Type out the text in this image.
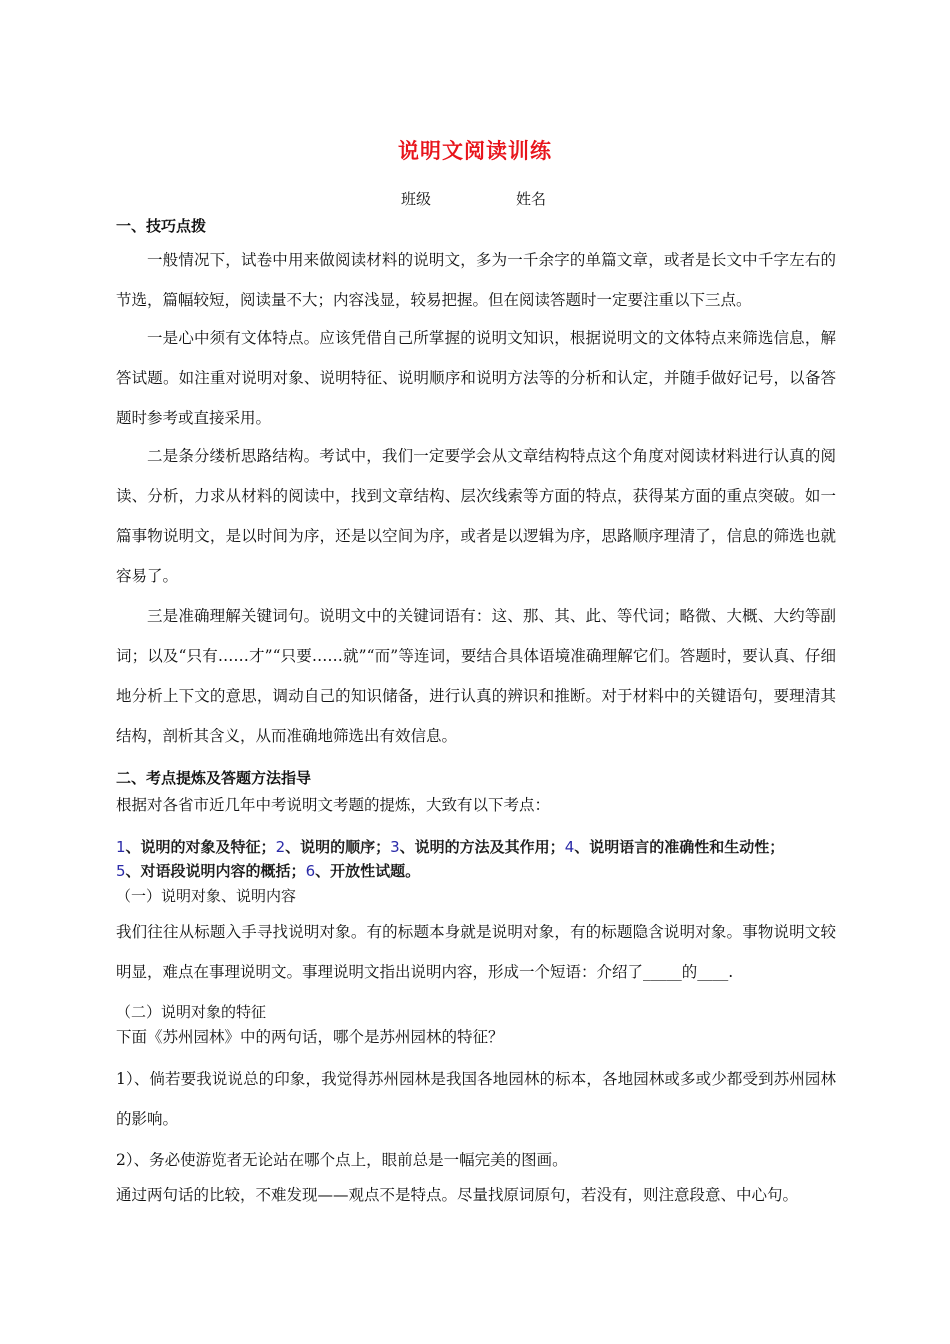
说明文阅读训练
班级	姓名
一、技巧点拨
一般情况下，试卷中用来做阅读材料的说明文，多为一千余字的单篇文章，或者是长文中千字左右的节选，篇幅较短，阅读量不大；内容浅显，较易把握。但在阅读答题时一定要注重以下三点。
一是心中须有文体特点。应该凭借自己所掌握的说明文知识，根据说明文的文体特点来筛选信息，解答试题。如注重对说明对象、说明特征、说明顺序和说明方法等的分析和认定，并随手做好记号，以备答题时参考或直接采用。
二是条分缕析思路结构。考试中，我们一定要学会从文章结构特点这个角度对阅读材料进行认真的阅读、分析，力求从材料的阅读中，找到文章结构、层次线索等方面的特点，获得某方面的重点突破。如一篇事物说明文，是以时间为序，还是以空间为序，或者是以逻辑为序，思路顺序理清了，信息的筛选也就容易了。
三是准确理解关键词句。说明文中的关键词语有：这、那、其、此、等代词；略微、大概、大约等副词；以及“只有……才”“只要……就”“而”等连词，要结合具体语境准确理解它们。答题时，要认真、仔细地分析上下文的意思，调动自己的知识储备，进行认真的辨识和推断。对于材料中的关键语句，要理清其结构，剖析其含义，从而准确地筛选出有效信息。
二、考点提炼及答题方法指导
根据对各省市近几年中考说明文考题的提炼，大致有以下考点：
1、说明的对象及特征；2、说明的顺序；3、说明的方法及其作用；4、说明语言的准确性和生动性；
5、对语段说明内容的概括；6、开放性试题。
（一）说明对象、说明内容
我们往往从标题入手寻找说明对象。有的标题本身就是说明对象，有的标题隐含说明对象。事物说明文较明显，难点在事理说明文。事理说明文指出说明内容，形成一个短语：介绍了_____的____.
（二）说明对象的特征
下面《苏州园林》中的两句话，哪个是苏州园林的特征？
1）、倘若要我说说总的印象，我觉得苏州园林是我国各地园林的标本，各地园林或多或少都受到苏州园林的影响。
2）、务必使游览者无论站在哪个点上，眼前总是一幅完美的图画。
通过两句话的比较，不难发现——观点不是特点。尽量找原词原句，若没有，则注意段意、中心句。
